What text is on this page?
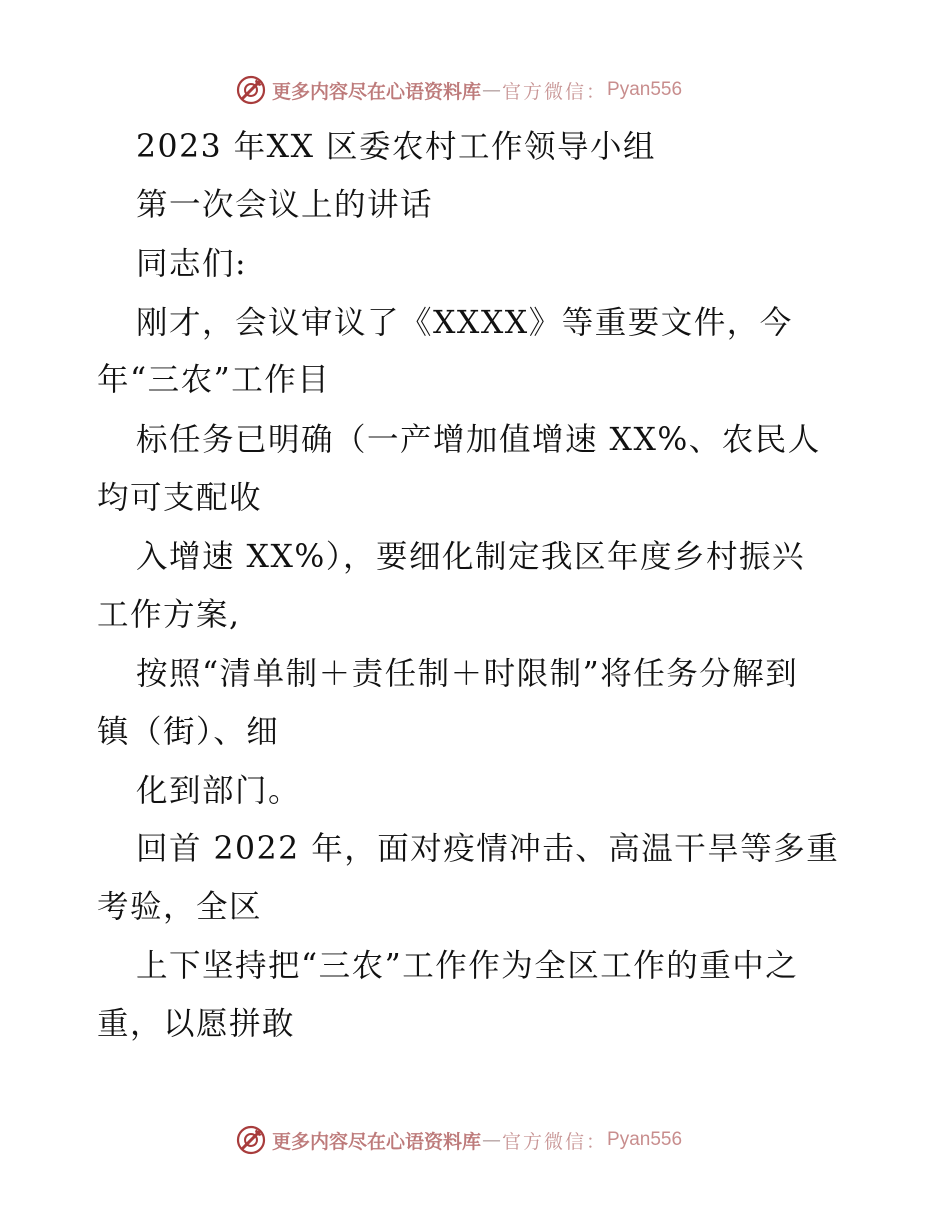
更多内容尽在心语资料库 — 官方微信： Pyan556

2023 年XX 区委农村工作领导小组

第一次会议上的讲话

同志们:

刚才，会议审议了《XXXX》等重要文件，今

年“三农”工作目

标任务已明确（一产增加值增速 XX%、农民人

均可支配收

入增速 XX%），要细化制定我区年度乡村振兴

工作方案,

按照“清单制＋责任制＋时限制”将任务分解到

镇（街）、细

化到部门。

回首 2022 年，面对疫情冲击、高温干旱等多重

考验，全区

上下坚持把“三农”工作作为全区工作的重中之

重，以愿拼敢

更多内容尽在心语资料库 — 官方微信： Pyan556
